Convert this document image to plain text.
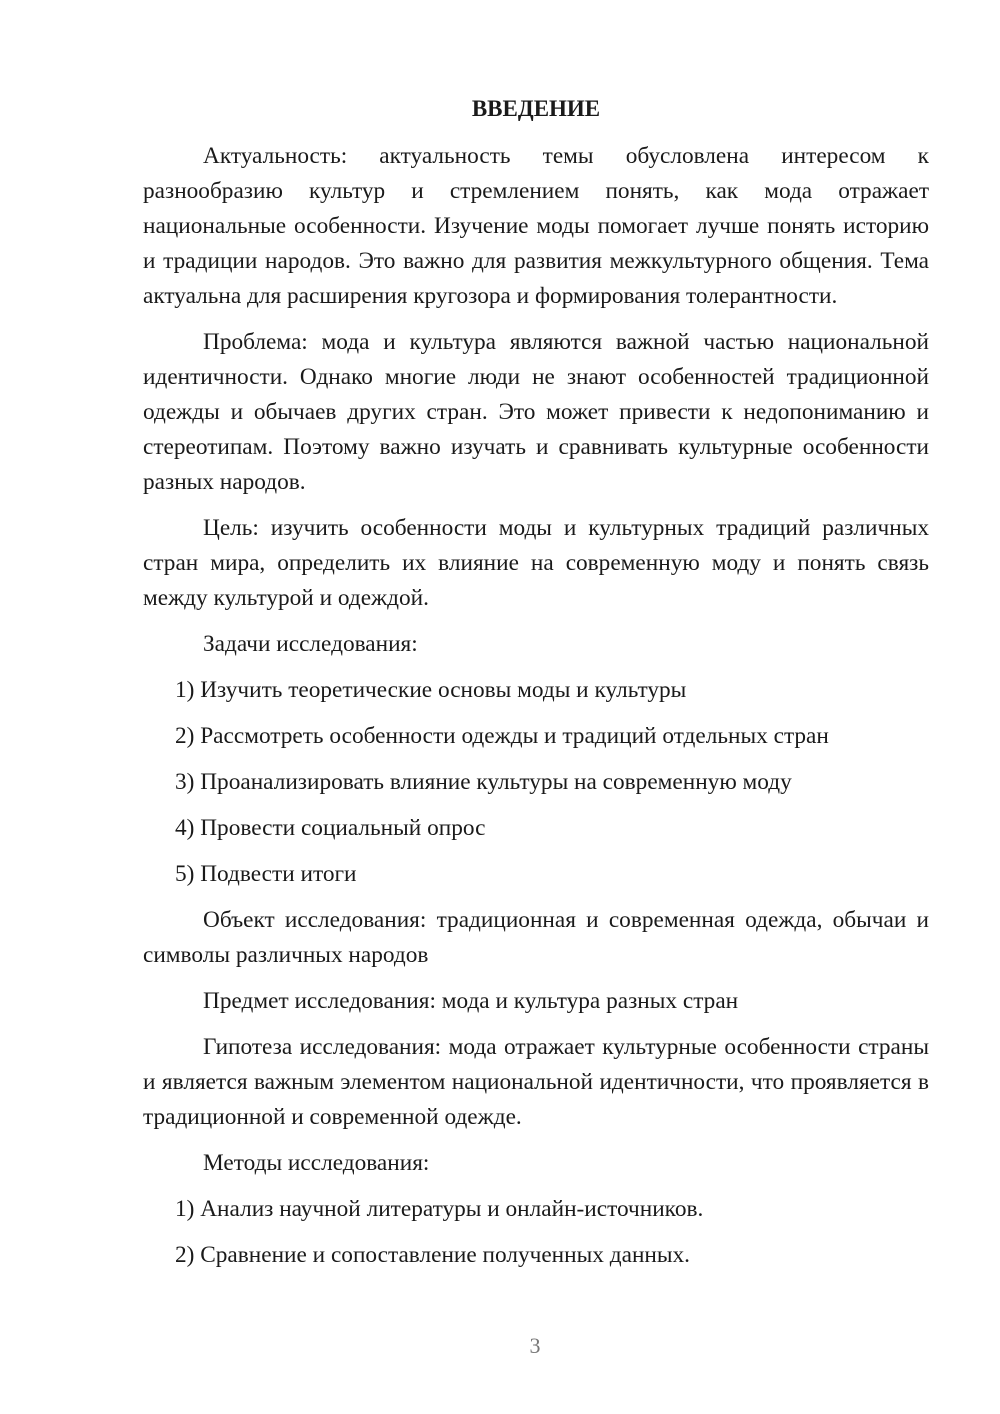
ВВЕДЕНИЕ

Актуальность: актуальность темы обусловлена интересом к разнообразию культур и стремлением понять, как мода отражает национальные особенности. Изучение моды помогает лучше понять историю и традиции народов. Это важно для развития межкультурного общения. Тема актуальна для расширения кругозора и формирования толерантности.

Проблема: мода и культура являются важной частью национальной идентичности. Однако многие люди не знают особенностей традиционной одежды и обычаев других стран. Это может привести к недопониманию и стереотипам. Поэтому важно изучать и сравнивать культурные особенности разных народов.

Цель: изучить особенности моды и культурных традиций различных стран мира, определить их влияние на современную моду и понять связь между культурой и одеждой.

Задачи исследования:
1) Изучить теоретические основы моды и культуры
2) Рассмотреть особенности одежды и традиций отдельных стран
3) Проанализировать влияние культуры на современную моду
4) Провести социальный опрос
5) Подвести итоги

Объект исследования: традиционная и современная одежда, обычаи и символы различных народов

Предмет исследования: мода и культура разных стран

Гипотеза исследования: мода отражает культурные особенности страны и является важным элементом национальной идентичности, что проявляется в традиционной и современной одежде.

Методы исследования:
1) Анализ научной литературы и онлайн-источников.
2) Сравнение и сопоставление полученных данных.
3
